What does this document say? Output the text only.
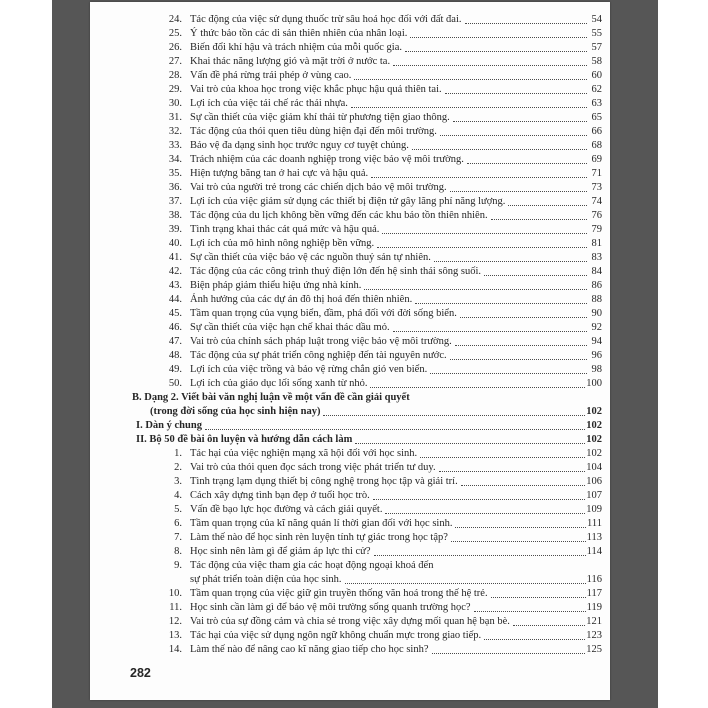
24. Tác động của việc sử dụng thuốc trừ sâu hoá học đối với đất đai.	54
25. Ý thức bảo tồn các di sản thiên nhiên của nhân loại.	55
26. Biến đổi khí hậu và trách nhiệm của mỗi quốc gia.	57
27. Khai thác năng lượng gió và mặt trời ở nước ta.	58
28. Vấn đề phá rừng trái phép ở vùng cao.	60
29. Vai trò của khoa học trong việc khắc phục hậu quả thiên tai.	62
30. Lợi ích của việc tái chế rác thải nhựa.	63
31. Sự cần thiết của việc giảm khí thải từ phương tiện giao thông.	65
32. Tác động của thói quen tiêu dùng hiện đại đến môi trường.	66
33. Bảo vệ đa dạng sinh học trước nguy cơ tuyệt chủng.	68
34. Trách nhiệm của các doanh nghiệp trong việc bảo vệ môi trường.	69
35. Hiện tượng băng tan ở hai cực và hậu quả.	71
36. Vai trò của người trẻ trong các chiến dịch bảo vệ môi trường.	73
37. Lợi ích của việc giảm sử dụng các thiết bị điện tử gây lãng phí năng lượng.	74
38. Tác động của du lịch không bền vững đến các khu bảo tồn thiên nhiên.	76
39. Tình trạng khai thác cát quá mức và hậu quả.	79
40. Lợi ích của mô hình nông nghiệp bền vững.	81
41. Sự cần thiết của việc bảo vệ các nguồn thuỷ sản tự nhiên.	83
42. Tác động của các công trình thuỷ điện lớn đến hệ sinh thái sông suối.	84
43. Biện pháp giảm thiểu hiệu ứng nhà kính.	86
44. Ảnh hưởng của các dự án đô thị hoá đến thiên nhiên.	88
45. Tầm quan trọng của vụng biển, đầm, phá đối với đời sống biển.	90
46. Sự cần thiết của việc hạn chế khai thác dầu mỏ.	92
47. Vai trò của chính sách pháp luật trong việc bảo vệ môi trường.	94
48. Tác động của sự phát triển công nghiệp đến tài nguyên nước.	96
49. Lợi ích của việc trồng và bảo vệ rừng chắn gió ven biển.	98
50. Lợi ích của giáo dục lối sống xanh từ nhỏ.	100
B. Dạng 2. Viết bài văn nghị luận về một vấn đề cần giải quyết
(trong đời sống của học sinh hiện nay)	102
I. Dàn ý chung	102
II. Bộ 50 đề bài ôn luyện và hướng dẫn cách làm	102
1. Tác hại của việc nghiện mạng xã hội đối với học sinh.	102
2. Vai trò của thói quen đọc sách trong việc phát triển tư duy.	104
3. Tình trạng lạm dụng thiết bị công nghệ trong học tập và giải trí.	106
4. Cách xây dựng tình bạn đẹp ở tuổi học trò.	107
5. Vấn đề bạo lực học đường và cách giải quyết.	109
6. Tầm quan trọng của kĩ năng quản lí thời gian đối với học sinh.	111
7. Làm thế nào để học sinh rèn luyện tính tự giác trong học tập?	113
8. Học sinh nên làm gì để giảm áp lực thi cử?	114
9. Tác động của việc tham gia các hoạt động ngoại khoá đến
sự phát triển toàn diện của học sinh.	116
10. Tầm quan trọng của việc giữ gìn truyền thống văn hoá trong thế hệ trẻ.	117
11. Học sinh cần làm gì để bảo vệ môi trường sống quanh trường học?	119
12. Vai trò của sự đồng cảm và chia sẻ trong việc xây dựng mối quan hệ bạn bè.	121
13. Tác hại của việc sử dụng ngôn ngữ không chuẩn mực trong giao tiếp.	123
14. Làm thế nào để nâng cao kĩ năng giao tiếp cho học sinh?	125
282
